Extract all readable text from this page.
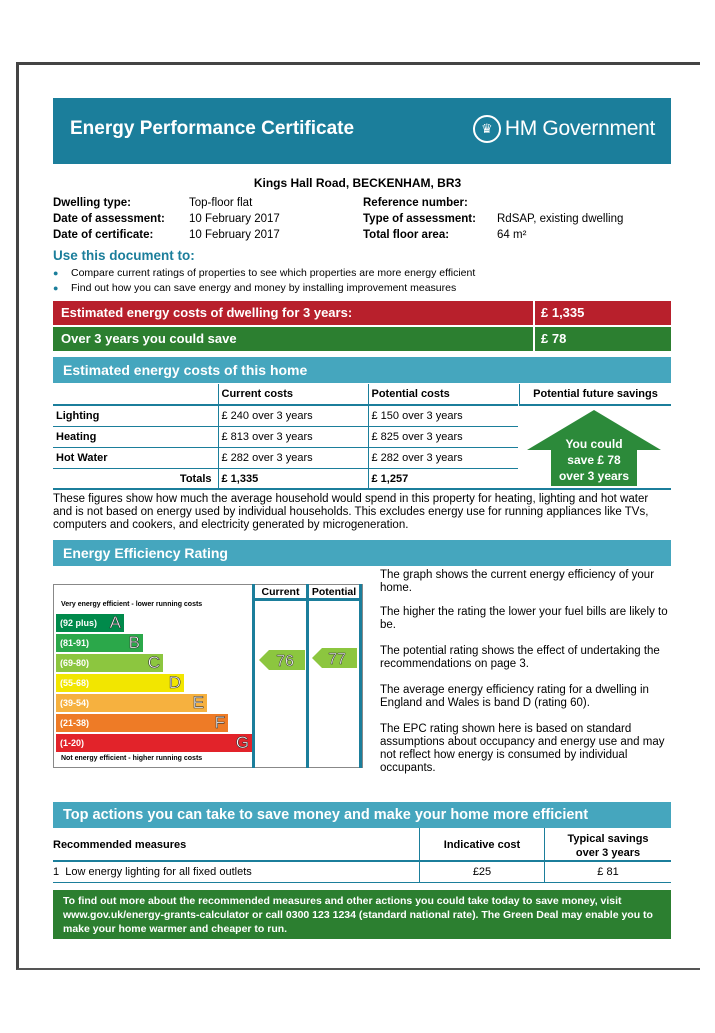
Energy Performance Certificate	♛ HM Government
Kings Hall Road, BECKENHAM, BR3
Dwelling type:	Top-floor flat
Date of assessment: 10 February 2017
Date of certificate:	10 February 2017
Reference number:
Type of assessment: RdSAP, existing dwelling
Total floor area:	64 m²
Use this document to:
●	Compare current ratings of properties to see which properties are more energy efficient
●	Find out how you can save energy and money by installing improvement measures
Estimated energy costs of dwelling for 3 years:	£ 1,335
Over 3 years you could save	£ 78
Estimated energy costs of this home
	Current costs	Potential costs
Lighting	£ 240 over 3 years	£ 150 over 3 years
Heating	£ 813 over 3 years	£ 825 over 3 years
Hot Water	£ 282 over 3 years	£ 282 over 3 years
Totals	£ 1,335	£ 1,257
Potential future savings
You could
save £ 78
over 3 years
These figures show how much the average household would spend in this property for heating, lighting and hot water and is not based on energy used by individual households. This excludes energy use for running appliances like TVs, computers and cookers, and electricity generated by microgeneration.
Energy Efficiency Rating
Current	Potential
Very energy efficient - lower running costs
Not energy efficient - higher running costs
(92 plus) A
(81-91) B
(69-80)	C
(55-68)	D
(39-54)	E
(21-38)	F
(1-20)	G
76 77
The graph shows the current energy efficiency of your home.
The higher the rating the lower your fuel bills are likely to be.
The potential rating shows the effect of undertaking the recommendations on page 3.
The average energy efficiency rating for a dwelling in England and Wales is band D (rating 60).
The EPC rating shown here is based on standard assumptions about occupancy and energy use and may not reflect how energy is consumed by individual occupants.
Top actions you can take to save money and make your home more efficient
Recommended measures	Indicative cost	Typical savings
over 3 years
1 Low energy lighting for all fixed outlets	£25	£ 81
To find out more about the recommended measures and other actions you could take today to save money, visit www.gov.uk/energy-grants-calculator or call 0300 123 1234 (standard national rate). The Green Deal may enable you to make your home warmer and cheaper to run.
